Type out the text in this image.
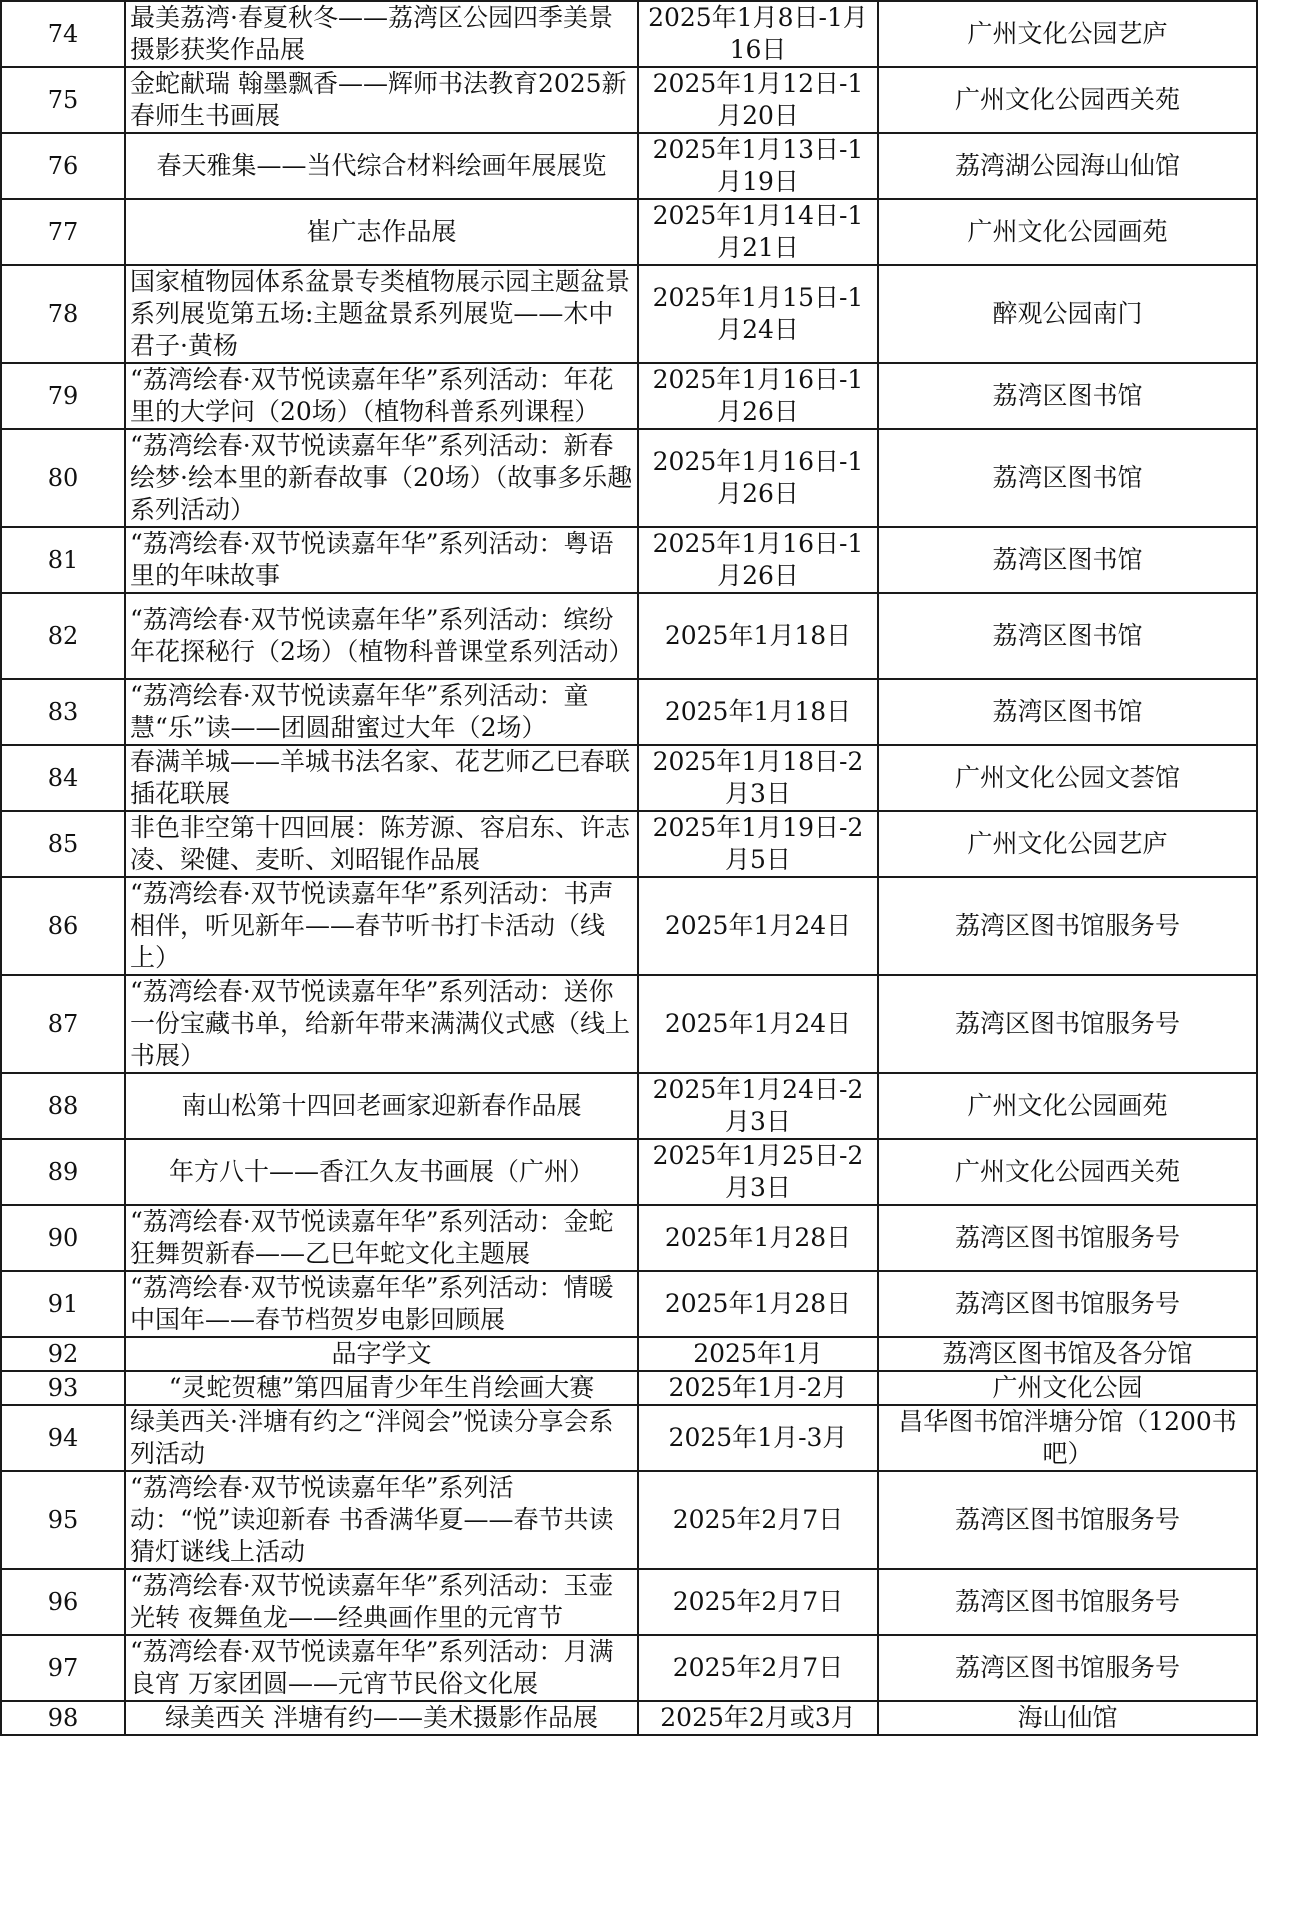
74	最美荔湾·春夏秋冬——荔湾区公园四季美景摄影获奖作品展	2025年1月8日-1月16日	广州文化公园艺庐
75	金蛇献瑞 翰墨飘香——辉师书法教育2025新春师生书画展	2025年1月12日-1月20日	广州文化公园西关苑
76	春天雅集——当代综合材料绘画年展展览	2025年1月13日-1月19日	荔湾湖公园海山仙馆
77	崔广志作品展	2025年1月14日-1月21日	广州文化公园画苑
78	国家植物园体系盆景专类植物展示园主题盆景系列展览第五场:主题盆景系列展览——木中君子·黄杨	2025年1月15日-1月24日	醉观公园南门
79	“荔湾绘春·双节悦读嘉年华”系列活动：年花里的大学问（20场）（植物科普系列课程）	2025年1月16日-1月26日	荔湾区图书馆
80	“荔湾绘春·双节悦读嘉年华”系列活动：新春绘梦·绘本里的新春故事（20场）（故事多乐趣系列活动）	2025年1月16日-1月26日	荔湾区图书馆
81	“荔湾绘春·双节悦读嘉年华”系列活动：粤语里的年味故事	2025年1月16日-1月26日	荔湾区图书馆
82	“荔湾绘春·双节悦读嘉年华”系列活动：缤纷年花探秘行（2场）（植物科普课堂系列活动）	2025年1月18日	荔湾区图书馆
83	“荔湾绘春·双节悦读嘉年华”系列活动：童慧“乐”读——团圆甜蜜过大年（2场）	2025年1月18日	荔湾区图书馆
84	春满羊城——羊城书法名家、花艺师乙巳春联插花联展	2025年1月18日-2月3日	广州文化公园文荟馆
85	非色非空第十四回展：陈芳源、容启东、许志凌、梁健、麦昕、刘昭锟作品展	2025年1月19日-2月5日	广州文化公园艺庐
86	“荔湾绘春·双节悦读嘉年华”系列活动：书声相伴，听见新年——春节听书打卡活动（线上）	2025年1月24日	荔湾区图书馆服务号
87	“荔湾绘春·双节悦读嘉年华”系列活动：送你一份宝藏书单，给新年带来满满仪式感（线上书展）	2025年1月24日	荔湾区图书馆服务号
88	南山松第十四回老画家迎新春作品展	2025年1月24日-2月3日	广州文化公园画苑
89	年方八十——香江久友书画展（广州）	2025年1月25日-2月3日	广州文化公园西关苑
90	“荔湾绘春·双节悦读嘉年华”系列活动：金蛇狂舞贺新春——乙巳年蛇文化主题展	2025年1月28日	荔湾区图书馆服务号
91	“荔湾绘春·双节悦读嘉年华”系列活动：情暖中国年——春节档贺岁电影回顾展	2025年1月28日	荔湾区图书馆服务号
92	品字学文	2025年1月	荔湾区图书馆及各分馆
93	“灵蛇贺穗”第四届青少年生肖绘画大赛	2025年1月-2月	广州文化公园
94	绿美西关·泮塘有约之“泮阅会”悦读分享会系列活动	2025年1月-3月	昌华图书馆泮塘分馆（1200书吧）
95	“荔湾绘春·双节悦读嘉年华”系列活动：“悦”读迎新春 书香满华夏——春节共读猜灯谜线上活动	2025年2月7日	荔湾区图书馆服务号
96	“荔湾绘春·双节悦读嘉年华”系列活动：玉壶光转 夜舞鱼龙——经典画作里的元宵节	2025年2月7日	荔湾区图书馆服务号
97	“荔湾绘春·双节悦读嘉年华”系列活动：月满良宵 万家团圆——元宵节民俗文化展	2025年2月7日	荔湾区图书馆服务号
98	绿美西关 泮塘有约——美术摄影作品展	2025年2月或3月	海山仙馆
